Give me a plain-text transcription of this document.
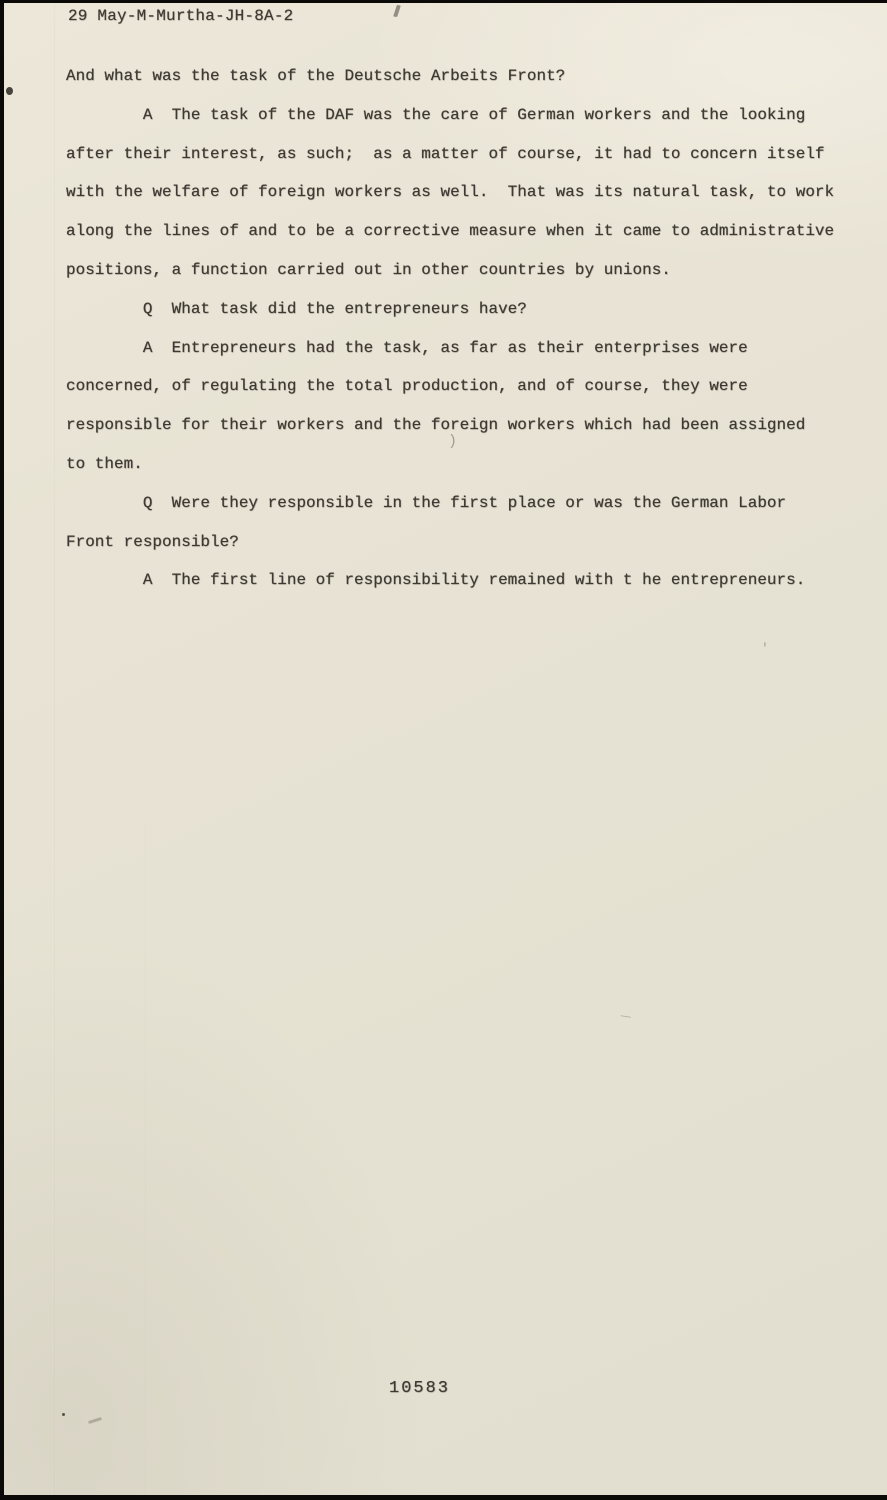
29 May-M-Murtha-JH-8A-2
And what was the task of the Deutsche Arbeits Front?
A  The task of the DAF was the care of German workers and the looking
after their interest, as such;  as a matter of course, it had to concern itself
with the welfare of foreign workers as well.  That was its natural task, to work
along the lines of and to be a corrective measure when it came to administrative
positions, a function carried out in other countries by unions.
Q  What task did the entrepreneurs have?
A  Entrepreneurs had the task, as far as their enterprises were
concerned, of regulating the total production, and of course, they were
responsible for their workers and the foreign workers which had been assigned
to them.
Q  Were they responsible in the first place or was the German Labor
Front responsible?
A  The first line of responsibility remained with t he entrepreneurs.
10583
)
'
/
